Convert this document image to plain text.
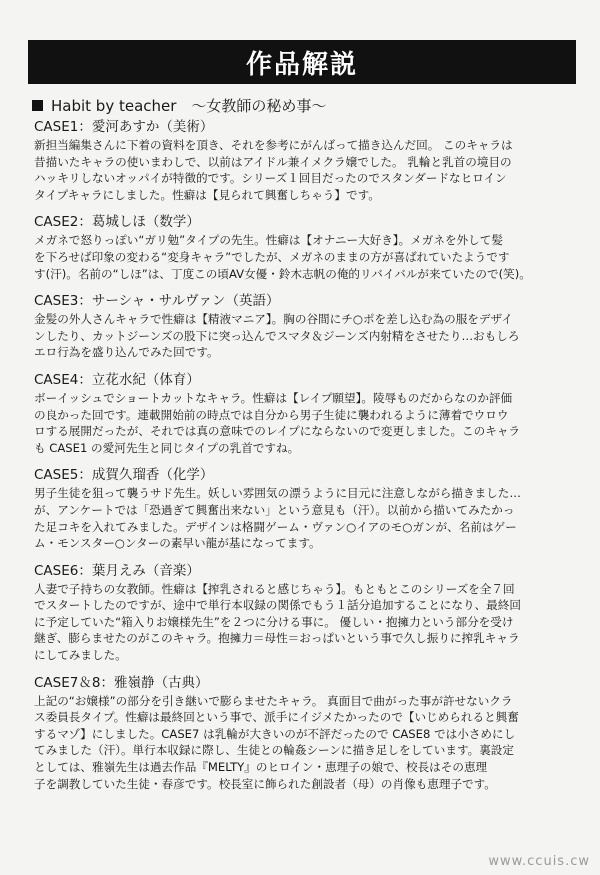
作品解説
Habit by teacher　～女教師の秘め事～

CASE1：愛河あすか（美術）

新担当編集さんに下着の資料を頂き、それを参考にがんばって描き込んだ回。 このキャラは

昔描いたキャラの使いまわしで、以前はアイドル兼イメクラ嬢でした。 乳輪と乳首の境目の

ハッキリしないオッパイが特徴的です。シリーズ１回目だったのでスタンダードなヒロイン

タイプキャラにしました。性癖は【見られて興奮しちゃう】です。

CASE2：葛城しほ（数学）

メガネで怒りっぽい“ガリ勉”タイプの先生。性癖は【オナニー大好き】。メガネを外して髪

を下ろせば印象の変わる“変身キャラ”でしたが、メガネのままの方が喜ばれていたようです

す(汗)。名前の“しほ”は、丁度この頃AV女優・鈴木志帆の俺的リバイバルが来ていたので(笑)。

CASE3：サーシャ・サルヴァン（英語）

金髪の外人さんキャラで性癖は【精液マニア】。胸の谷間にチ○ポを差し込む為の服をデザイ

ンしたり、カットジーンズの股下に突っ込んでスマタ＆ジーンズ内射精をさせたり…おもしろ

エロ行為を盛り込んでみた回です。

CASE4：立花水紀（体育）

ボーイッシュでショートカットなキャラ。性癖は【レイプ願望】。陵辱ものだからなのか評価

の良かった回です。連載開始前の時点では自分から男子生徒に襲われるように薄着でウロウ

ロする展開だったが、それでは真の意味でのレイプにならないので変更しました。このキャラ

も CASE1 の愛河先生と同じタイプの乳首ですね。

CASE5：成賀久瑠香（化学）

男子生徒を狙って襲うサド先生。妖しい雰囲気の漂うように目元に注意しながら描きました…

が、アンケートでは「恐過ぎて興奮出来ない」という意見も（汗）。以前から描いてみたかっ

た足コキを入れてみました。デザインは格闘ゲーム・ヴァン○イアのモ○ガンが、名前はゲー

ム・モンスター○ンターの素早い龍が基になってます。

CASE6：葉月えみ（音楽）

人妻で子持ちの女教師。性癖は【搾乳されると感じちゃう】。もともとこのシリーズを全７回

でスタートしたのですが、途中で単行本収録の関係でもう１話分追加することになり、最終回

に予定していた“箱入りお嬢様先生”を２つに分ける事に。 優しい・抱擁力という部分を受け

継ぎ、膨らませたのがこのキャラ。抱擁力＝母性＝おっぱいという事で久し振りに搾乳キャラ

にしてみました。

CASE7＆8：雅嶺静（古典）

上記の“お嬢様”の部分を引き継いで膨らませたキャラ。 真面目で曲がった事が許せないクラ

ス委員長タイプ。性癖は最終回という事で、派手にイジメたかったので【いじめられると興奮

するマゾ】にしました。CASE7 は乳輪が大きいのが不評だったので CASE8 では小さめにし

てみました（汗）。単行本収録に際し、生徒との輪姦シーンに描き足しをしています。裏設定

としては、雅嶺先生は過去作品『MELTY』のヒロイン・恵理子の娘で、校長はその恵理

子を調教していた生徒・春彦です。校長室に飾られた創設者（母）の肖像も恵理子です。

www.ccuis.cw
